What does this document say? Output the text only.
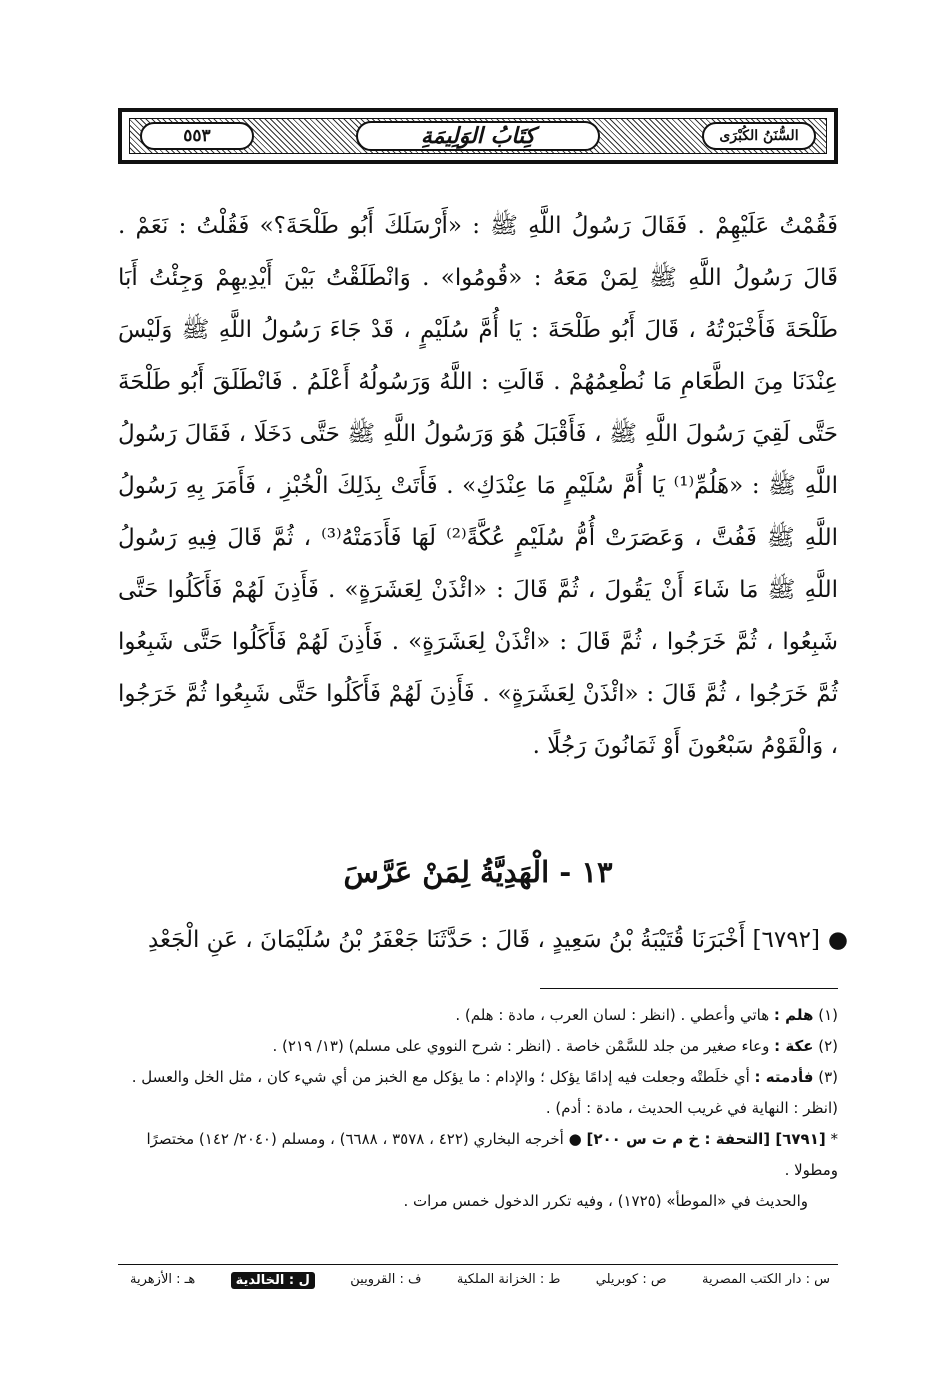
٥٥٣	كِتَابُ الوَلِيمَةِ	السُّنَنُ الكُبْرَى

فَقُمْتُ عَلَيْهِمْ . فَقَالَ رَسُولُ اللَّهِ ﷺ : «أَرْسَلَكَ أَبُو طَلْحَةَ؟» فَقُلْتُ : نَعَمْ . قَالَ رَسُولُ اللَّهِ ﷺ لِمَنْ مَعَهُ : «قُومُوا» . وَانْطَلَقْتُ بَيْنَ أَيْدِيهِمْ وَجِئْتُ أَبَا طَلْحَةَ فَأَخْبَرْتُهُ ، قَالَ أَبُو طَلْحَةَ : يَا أُمَّ سُلَيْمٍ ، قَدْ جَاءَ رَسُولُ اللَّهِ ﷺ وَلَيْسَ عِنْدَنَا مِنَ الطَّعَامِ مَا نُطْعِمُهُمْ . قَالَتِ : اللَّهُ وَرَسُولُهُ أَعْلَمُ . فَانْطَلَقَ أَبُو طَلْحَةَ حَتَّى لَقِيَ رَسُولَ اللَّهِ ﷺ ، فَأَقْبَلَ هُوَ وَرَسُولُ اللَّهِ ﷺ حَتَّى دَخَلَا ، فَقَالَ رَسُولُ اللَّهِ ﷺ : «هَلُمِّ⁽¹⁾ يَا أُمَّ سُلَيْمٍ مَا عِنْدَكِ» . فَأَتَتْ بِذَلِكَ الْخُبْزِ ، فَأَمَرَ بِهِ رَسُولُ اللَّهِ ﷺ فَفُتَّ ، وَعَصَرَتْ أُمُّ سُلَيْمٍ عُكَّةً⁽²⁾ لَهَا فَأَدَمَتْهُ⁽³⁾ ، ثُمَّ قَالَ فِيهِ رَسُولُ اللَّهِ ﷺ مَا شَاءَ أَنْ يَقُولَ ، ثُمَّ قَالَ : «ائْذَنْ لِعَشَرَةٍ» . فَأَذِنَ لَهُمْ فَأَكَلُوا حَتَّى شَبِعُوا ، ثُمَّ خَرَجُوا ، ثُمَّ قَالَ : «ائْذَنْ لِعَشَرَةٍ» . فَأَذِنَ لَهُمْ فَأَكَلُوا حَتَّى شَبِعُوا ثُمَّ خَرَجُوا ، ثُمَّ قَالَ : «ائْذَنْ لِعَشَرَةٍ» . فَأَذِنَ لَهُمْ فَأَكَلُوا حَتَّى شَبِعُوا ثُمَّ خَرَجُوا ، وَالْقَوْمُ سَبْعُونَ أَوْ ثَمَانُونَ رَجُلًا .

١٣ - الْهَدِيَّةُ لِمَنْ عَرَّسَ
●[٦٧٩٢] أَخْبَرَنَا قُتَيْبَةُ بْنُ سَعِيدٍ ، قَالَ : حَدَّثَنَا جَعْفَرُ بْنُ سُلَيْمَانَ ، عَنِ الْجَعْدِ

(١) هلم : هاتي وأعطي . (انظر : لسان العرب ، مادة : هلم) .

(٢) عكة : وعاء صغير من جلد للسَّمْن خاصة . (انظر : شرح النووي على مسلم) (١٣/ ٢١٩) .

(٣) فأدمته : أي خلَطتْه وجعلت فيه إدامًا يؤكل ؛ والإدام : ما يؤكل مع الخبز من أي شيء كان ، مثل الخل والعسل . (انظر : النهاية في غريب الحديث ، مادة : أدم) .

* [٦٧٩١] [التحفة : خ م ت س ٢٠٠] ● أخرجه البخاري (٤٢٢ ، ٣٥٧٨ ، ٦٦٨٨) ، ومسلم (٢٠٤٠/ ١٤٢) مختصرًا ومطولا .

والحديث في «الموطأ» (١٧٢٥) ، وفيه تكرر الدخول خمس مرات .

س : دار الكتب المصرية
ص : كوبريلي
ط : الخزانة الملكية
ف : القرويين
ل : الخالدية
هـ : الأزهرية
